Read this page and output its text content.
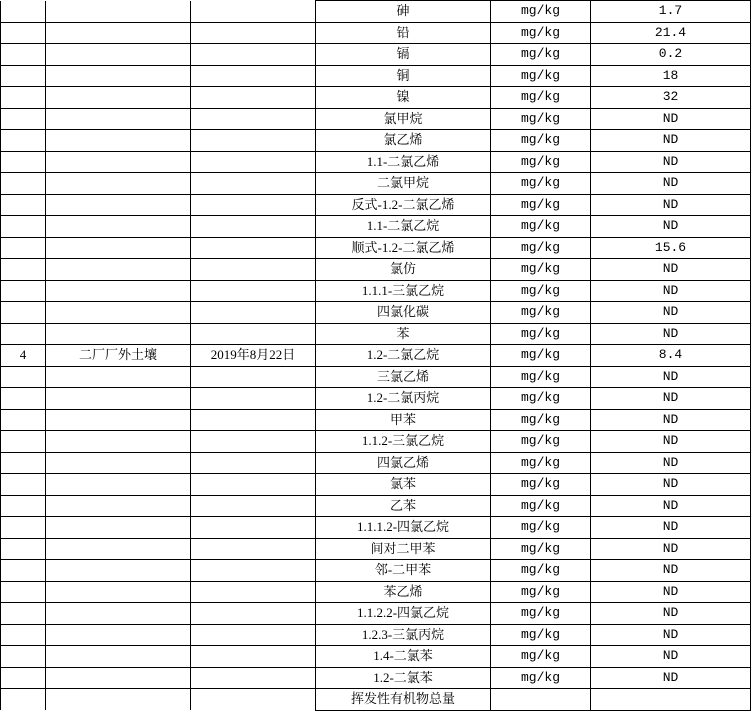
			砷	mg/kg	1.7
			铅	mg/kg	21.4
			镉	mg/kg	0.2
			铜	mg/kg	18
			镍	mg/kg	32
			氯甲烷	mg/kg	ND
			氯乙烯	mg/kg	ND
			1.1-二氯乙烯	mg/kg	ND
			二氯甲烷	mg/kg	ND
			反式-1.2-二氯乙烯	mg/kg	ND
			1.1-二氯乙烷	mg/kg	ND
			顺式-1.2-二氯乙烯	mg/kg	15.6
			氯仿	mg/kg	ND
			1.1.1-三氯乙烷	mg/kg	ND
			四氯化碳	mg/kg	ND
			苯	mg/kg	ND
4	二厂厂外土壤	2019年8月22日	1.2-二氯乙烷	mg/kg	8.4
			三氯乙烯	mg/kg	ND
			1.2-二氯丙烷	mg/kg	ND
			甲苯	mg/kg	ND
			1.1.2-三氯乙烷	mg/kg	ND
			四氯乙烯	mg/kg	ND
			氯苯	mg/kg	ND
			乙苯	mg/kg	ND
			1.1.1.2-四氯乙烷	mg/kg	ND
			间对二甲苯	mg/kg	ND
			邻-二甲苯	mg/kg	ND
			苯乙烯	mg/kg	ND
			1.1.2.2-四氯乙烷	mg/kg	ND
			1.2.3-三氯丙烷	mg/kg	ND
			1.4-二氯苯	mg/kg	ND
			1.2-二氯苯	mg/kg	ND
			挥发性有机物总量		
